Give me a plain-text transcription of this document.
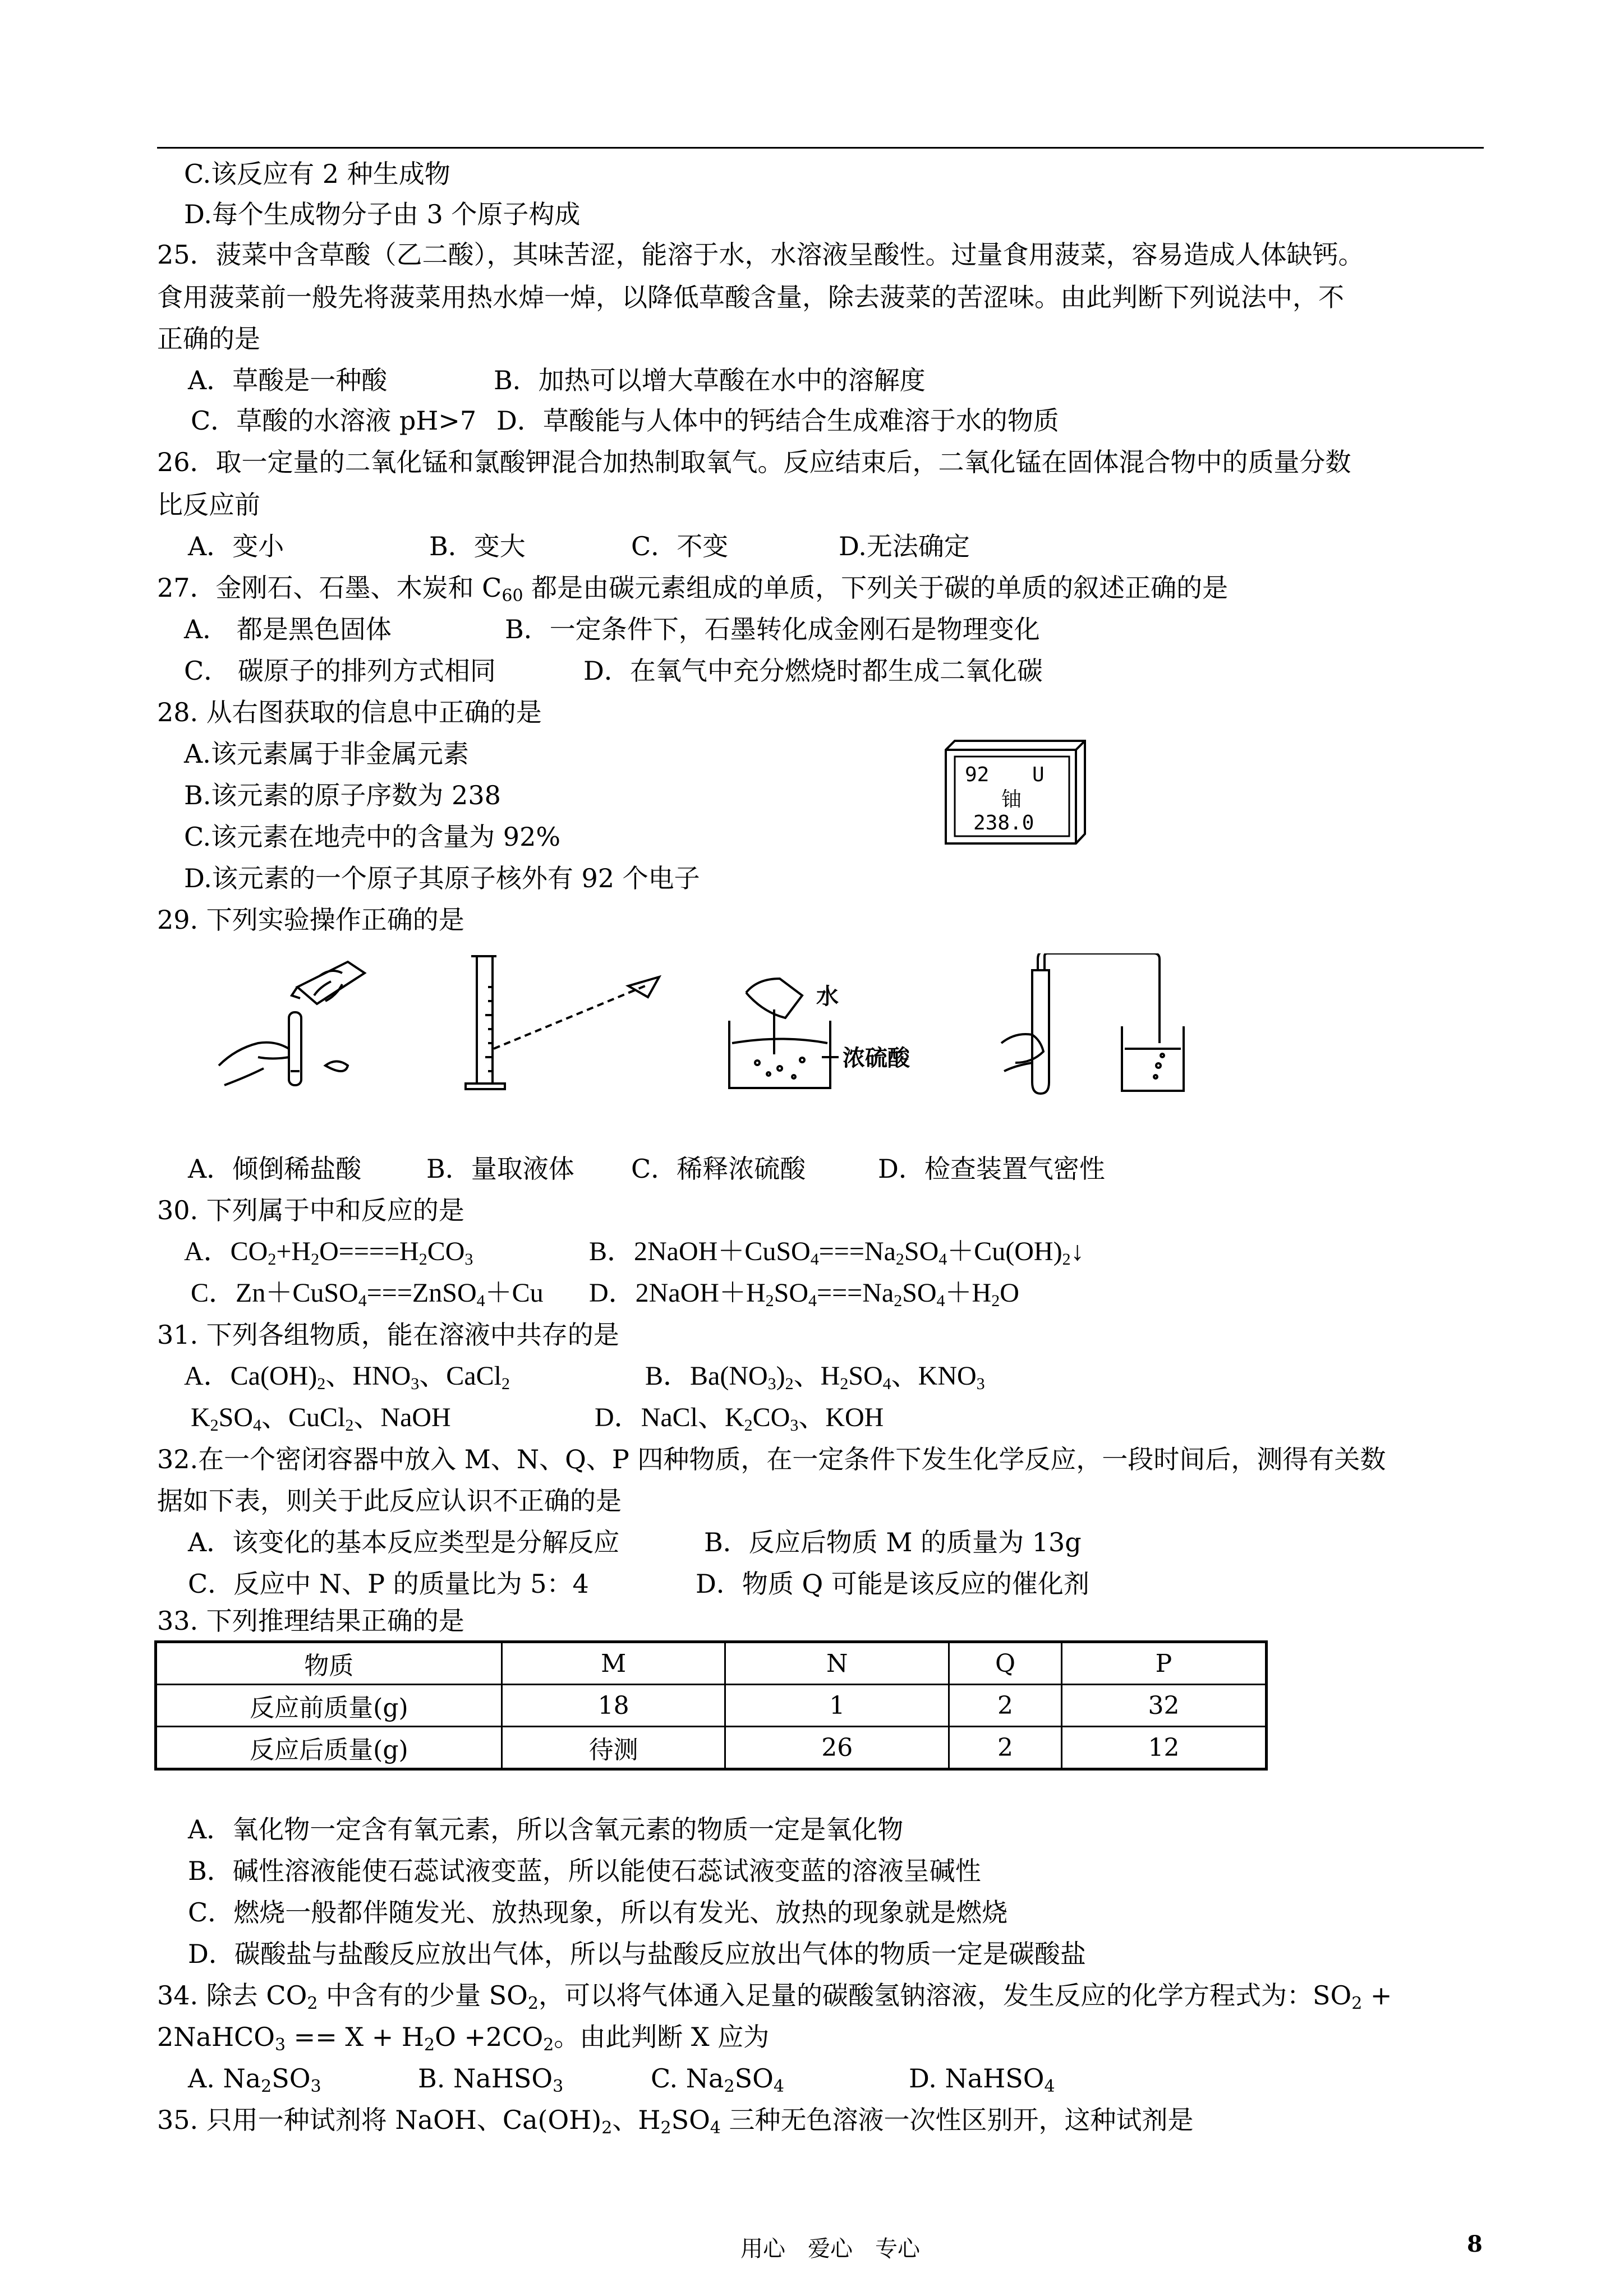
C.该反应有 2 种生成物
D.每个生成物分子由 3 个原子构成
25．菠菜中含草酸（乙二酸），其味苦涩，能溶于水，水溶液呈酸性。过量食用菠菜，容易造成人体缺钙。
食用菠菜前一般先将菠菜用热水焯一焯，以降低草酸含量，除去菠菜的苦涩味。由此判断下列说法中，不
正确的是
A．草酸是一种酸	B．加热可以增大草酸在水中的溶解度
C．草酸的水溶液 pH>7 D．草酸能与人体中的钙结合生成难溶于水的物质
26．取一定量的二氧化锰和氯酸钾混合加热制取氧气。反应结束后，二氧化锰在固体混合物中的质量分数
比反应前
A．变小	B．变大	C．不变	D.无法确定
27．金刚石、石墨、木炭和 $C_{60}$ 都是由碳元素组成的单质，下列关于碳的单质的叙述正确的是
A． 都是黑色固体	B．一定条件下，石墨转化成金刚石是物理变化
C． 碳原子的排列方式相同	D．在氧气中充分燃烧时都生成二氧化碳
28. 从右图获取的信息中正确的是
A.该元素属于非金属元素
B.该元素的原子序数为 238
C.该元素在地壳中的含量为 92%
D.该元素的一个原子其原子核外有 92 个电子
92 U
铀
238.0
29. 下列实验操作正确的是
水
浓硫酸
A．倾倒稀盐酸	B．量取液体 C．稀释浓硫酸	D．检查装置气密性
30. 下列属于中和反应的是
A．$CO_2+H_2O====H_2CO_3$	B．$2NaOH+CuSO_4===Na_2SO_4+Cu(OH)_2↓$
C．Zn＋CuSO$_4$===ZnSO$_4$＋Cu D．$2NaOH+H_2SO_4===Na_2SO_4+H_2O$
31. 下列各组物质，能在溶液中共存的是
A．$Ca(OH)_2$、$HNO_3$、CaCl$_2$	B．$Ba(NO_3)_2$、$H_2SO_4$、$KNO_3$
$K_2SO_4$、CuCl$_2$、NaOH	D．NaCl、$K_2CO_3$、KOH
32.在一个密闭容器中放入 M、N、Q、P 四种物质，在一定条件下发生化学反应，一段时间后，测得有关数
据如下表，则关于此反应认识不正确的是
A．该变化的基本反应类型是分解反应	B．反应后物质 M 的质量为 13g
C．反应中 N、P 的质量比为 5：4	D．物质 Q 可能是该反应的催化剂
33. 下列推理结果正确的是
物质	M	N	Q	P
反应前质量(g)	18	1	2	32
反应后质量(g)	待测	26	2	12
A．氧化物一定含有氧元素，所以含氧元素的物质一定是氧化物
B．碱性溶液能使石蕊试液变蓝，所以能使石蕊试液变蓝的溶液呈碱性
C．燃烧一般都伴随发光、放热现象，所以有发光、放热的现象就是燃烧
D．碳酸盐与盐酸反应放出气体，所以与盐酸反应放出气体的物质一定是碳酸盐
34. 除去 $CO_2$ 中含有的少量 $SO_2$，可以将气体通入足量的碳酸氢钠溶液，发生反应的化学方程式为：$SO_2$ +
2NaHCO$_3$ == $X + H_2O +2CO_2$。由此判断 X 应为
A. $Na_2SO_3$	B. NaHSO$_3$	C. $Na_2SO_4$	D. NaHSO$_4$
35. 只用一种试剂将 NaOH、$Ca(OH)_2$、$H_2SO_4$ 三种无色溶液一次性区别开，这种试剂是
用心　爱心　专心	8
